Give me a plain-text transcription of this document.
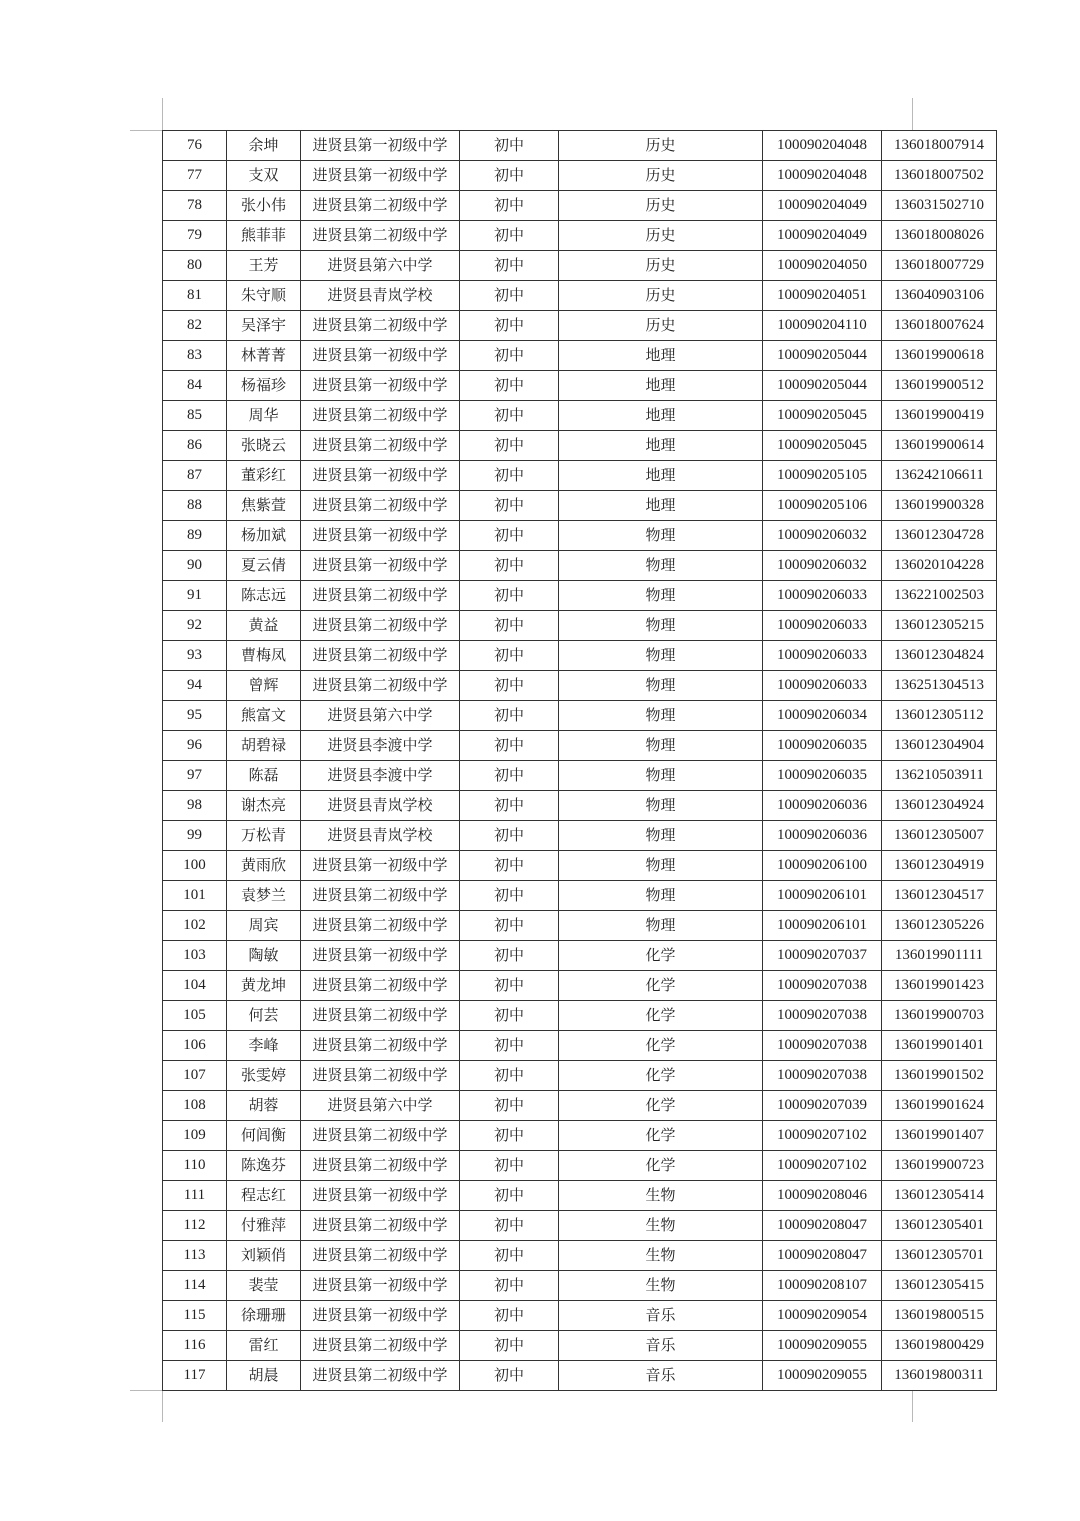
76	余坤	进贤县第一初级中学	初中	历史	100090204048	136018007914
77	支双	进贤县第一初级中学	初中	历史	100090204048	136018007502
78	张小伟	进贤县第二初级中学	初中	历史	100090204049	136031502710
79	熊菲菲	进贤县第二初级中学	初中	历史	100090204049	136018008026
80	王芳	进贤县第六中学	初中	历史	100090204050	136018007729
81	朱守顺	进贤县青岚学校	初中	历史	100090204051	136040903106
82	吴泽宇	进贤县第二初级中学	初中	历史	100090204110	136018007624
83	林菁菁	进贤县第一初级中学	初中	地理	100090205044	136019900618
84	杨福珍	进贤县第一初级中学	初中	地理	100090205044	136019900512
85	周华	进贤县第二初级中学	初中	地理	100090205045	136019900419
86	张晓云	进贤县第二初级中学	初中	地理	100090205045	136019900614
87	董彩红	进贤县第一初级中学	初中	地理	100090205105	136242106611
88	焦紫萱	进贤县第二初级中学	初中	地理	100090205106	136019900328
89	杨加斌	进贤县第一初级中学	初中	物理	100090206032	136012304728
90	夏云倩	进贤县第一初级中学	初中	物理	100090206032	136020104228
91	陈志远	进贤县第二初级中学	初中	物理	100090206033	136221002503
92	黄益	进贤县第二初级中学	初中	物理	100090206033	136012305215
93	曹梅凤	进贤县第二初级中学	初中	物理	100090206033	136012304824
94	曾辉	进贤县第二初级中学	初中	物理	100090206033	136251304513
95	熊富文	进贤县第六中学	初中	物理	100090206034	136012305112
96	胡碧禄	进贤县李渡中学	初中	物理	100090206035	136012304904
97	陈磊	进贤县李渡中学	初中	物理	100090206035	136210503911
98	谢杰亮	进贤县青岚学校	初中	物理	100090206036	136012304924
99	万松青	进贤县青岚学校	初中	物理	100090206036	136012305007
100	黄雨欣	进贤县第一初级中学	初中	物理	100090206100	136012304919
101	袁梦兰	进贤县第二初级中学	初中	物理	100090206101	136012304517
102	周宾	进贤县第二初级中学	初中	物理	100090206101	136012305226
103	陶敏	进贤县第一初级中学	初中	化学	100090207037	136019901111
104	黄龙坤	进贤县第二初级中学	初中	化学	100090207038	136019901423
105	何芸	进贤县第二初级中学	初中	化学	100090207038	136019900703
106	李峰	进贤县第二初级中学	初中	化学	100090207038	136019901401
107	张雯婷	进贤县第二初级中学	初中	化学	100090207038	136019901502
108	胡蓉	进贤县第六中学	初中	化学	100090207039	136019901624
109	何闾衡	进贤县第二初级中学	初中	化学	100090207102	136019901407
110	陈逸芬	进贤县第二初级中学	初中	化学	100090207102	136019900723
111	程志红	进贤县第一初级中学	初中	生物	100090208046	136012305414
112	付雅萍	进贤县第二初级中学	初中	生物	100090208047	136012305401
113	刘颖俏	进贤县第二初级中学	初中	生物	100090208047	136012305701
114	裴莹	进贤县第一初级中学	初中	生物	100090208107	136012305415
115	徐珊珊	进贤县第一初级中学	初中	音乐	100090209054	136019800515
116	雷红	进贤县第二初级中学	初中	音乐	100090209055	136019800429
117	胡晨	进贤县第二初级中学	初中	音乐	100090209055	136019800311
